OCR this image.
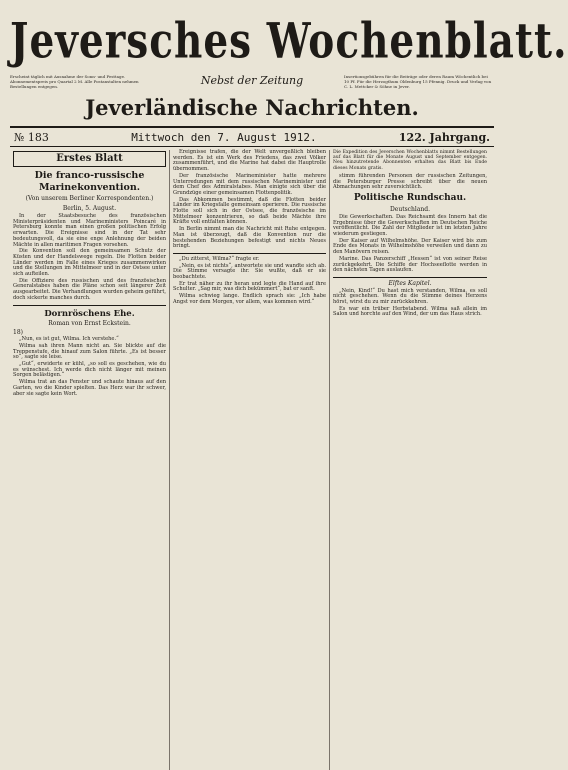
Jeversches Wochenblatt.
Erscheint täglich mit Ausnahme der Sonn- und Festtage. Abonnementspreis pro Quartal 2 M. Alle Postanstalten nehmen Bestellungen entgegen.	Nebst der Zeitung	Insertionsgebühren für die Beiträge oder deren Raum Wöchentlich bei 10 Pf. Für die Herzogthum Oldenburg 15 Pfennig. Druck und Verlag von C. L. Mettcker & Söhne in Jever.
Jeverländische Nachrichten.
№ 183	Mittwoch den 7. August 1912.	122. Jahrgang.
Erstes Blatt
Die franco-russische Marinekonvention.
(Von unserem Berliner Korrespondenten.)
Berlin, 5. August.

In der Staatsbesuche des französischen Ministerpräsidenten und Marineministers Poincaré in Petersburg konnte man einen großen politischen Erfolg erwarten. Die Ereignisse sind in der Tat sehr bedeutungsvoll, da sie eine enge Anlehnung der beiden Mächte in allen maritimen Fragen vorsehen.

Die Konvention soll den gemeinsamen Schutz der Küsten und der Handelswege regeln. Die Flotten beider Länder werden im Falle eines Krieges zusammenwirken und die Stellungen im Mittelmeer und in der Ostsee unter sich aufteilen.

Die Offiziere des russischen und des französischen Generalstabes haben die Pläne schon seit längerer Zeit ausgearbeitet. Die Verhandlungen wurden geheim geführt, doch sickerte manches durch.

Dornröschens Ehe.
Roman von Ernst Eckstein.
18)

„Nun, es ist gut, Wilma. Ich verstehe.“

Wilma sah ihren Mann nicht an. Sie blickte auf die Treppenstufe, die hinauf zum Salon führte. „Es ist besser so“, sagte sie leise.

„Gut“, erwiderte er kühl, „so soll es geschehen, wie du es wünschest. Ich werde dich nicht länger mit meinen Sorgen belästigen.“

Wilma trat an das Fenster und schaute hinaus auf den Garten, wo die Kinder spielten. Das Herz war ihr schwer, aber sie sagte kein Wort.

Ereignisse trafen, die der Welt unvergeßlich bleiben werden. Es ist ein Werk des Friedens, das zwei Völker zusammenführt, und die Marine hat dabei die Hauptrolle übernommen.

Der französische Marineminister hatte mehrere Unterredungen mit dem russischen Marineminister und dem Chef des Admiralstabes. Man einigte sich über die Grundzüge einer gemeinsamen Flottenpolitik.

Das Abkommen bestimmt, daß die Flotten beider Länder im Kriegsfalle gemeinsam operieren. Die russische Flotte soll sich in der Ostsee, die französische im Mittelmeer konzentrieren, so daß beide Mächte ihre Kräfte voll entfalten können.

In Berlin nimmt man die Nachricht mit Ruhe entgegen. Man ist überzeugt, daß die Konvention nur die bestehenden Beziehungen befestigt und nichts Neues bringt.

„Du zitterst, Wilma?“ fragte er.

„Nein, es ist nichts“, antwortete sie und wandte sich ab. Die Stimme versagte ihr. Sie wußte, daß er sie beobachtete.

Er trat näher zu ihr heran und legte die Hand auf ihre Schulter. „Sag mir, was dich bekümmert“, bat er sanft.

Wilma schwieg lange. Endlich sprach sie: „Ich habe Angst vor dem Morgen, vor allem, was kommen wird.“

Die Expedition des Jeverschen Wochenblatts nimmt Bestellungen auf das Blatt für die Monate August und September entgegen. Neu hinzutretende Abonnenten erhalten das Blatt bis Ende dieses Monats gratis.

stimm führenden Personen der russischen Zeitungen, die Petersburger Presse schreibt über die neuen Abmachungen sehr zuversichtlich.

Politische Rundschau.
Deutschland.

Die Gewerkschaften. Das Reichsamt des Innern hat die Ergebnisse über die Gewerkschaften im Deutschen Reiche veröffentlicht. Die Zahl der Mitglieder ist im letzten Jahre wiederum gestiegen.

Der Kaiser auf Wilhelmshöhe. Der Kaiser wird bis zum Ende des Monats in Wilhelmshöhe verweilen und dann zu den Manövern reisen.

Marine. Das Panzerschiff „Hessen“ ist von seiner Reise zurückgekehrt. Die Schiffe der Hochseeflotte werden in den nächsten Tagen auslaufen.

Elftes Kapitel.

„Nein, Kind!“ Du hast mich verstanden, Wilma, es soll nicht geschehen. Wenn du die Stimme deines Herzens hörst, wirst du zu mir zurückkehren.

Es war ein trüber Herbstabend. Wilma saß allein im Salon und horchte auf den Wind, der um das Haus strich.
